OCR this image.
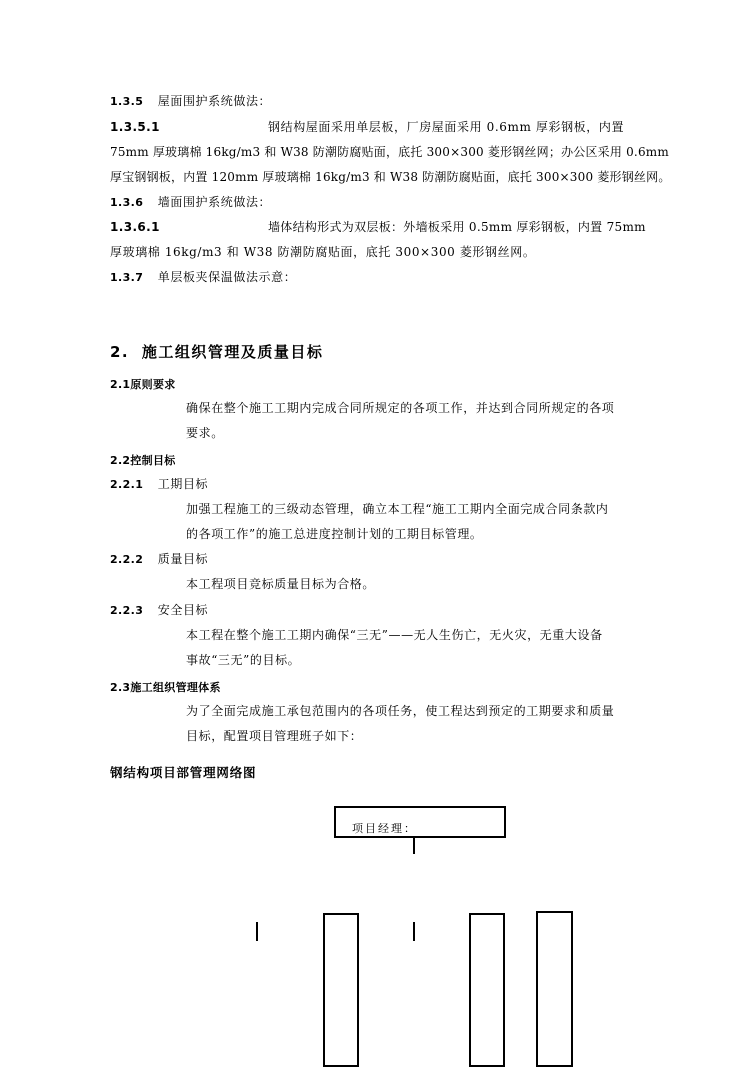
1.3.5 屋面围护系统做法：
1.3.5.1	钢结构屋面采用单层板，厂房屋面采用 0.6mm 厚彩钢板，内置
75mm 厚玻璃棉 16kg/m3 和 W38 防潮防腐贴面，底托 300×300 菱形钢丝网；办公区采用 0.6mm
厚宝钢钢板，内置 120mm 厚玻璃棉 16kg/m3 和 W38 防潮防腐贴面，底托 300×300 菱形钢丝网。
1.3.6 墙面围护系统做法：
1.3.6.1	墙体结构形式为双层板：外墙板采用 0.5mm 厚彩钢板，内置 75mm
厚玻璃棉 16kg/m3 和 W38 防潮防腐贴面，底托 300×300 菱形钢丝网。
1.3.7 单层板夹保温做法示意：
2. 施工组织管理及质量目标
2.1原则要求
确保在整个施工工期内完成合同所规定的各项工作，并达到合同所规定的各项
要求。
2.2控制目标
2.2.1 工期目标
加强工程施工的三级动态管理，确立本工程“施工工期内全面完成合同条款内
的各项工作”的施工总进度控制计划的工期目标管理。
2.2.2 质量目标
本工程项目竞标质量目标为合格。
2.2.3 安全目标
本工程在整个施工工期内确保“三无”——无人生伤亡，无火灾，无重大设备
事故“三无”的目标。
2.3施工组织管理体系
为了全面完成施工承包范围内的各项任务，使工程达到预定的工期要求和质量
目标，配置项目管理班子如下：
钢结构项目部管理网络图
项目经理：
